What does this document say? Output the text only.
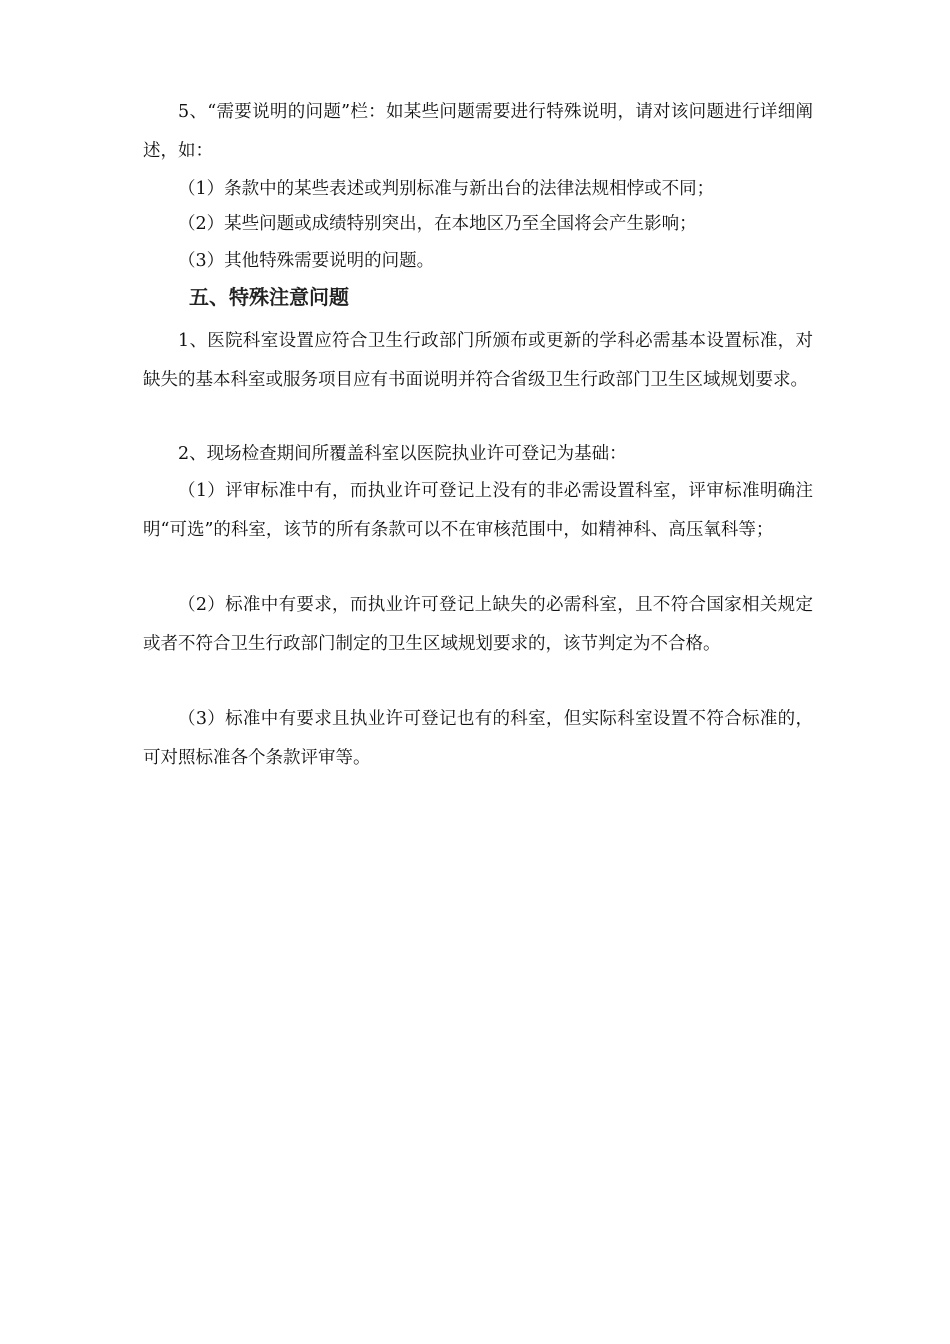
5、“需要说明的问题”栏：如某些问题需要进行特殊说明，请对该问题进行详细阐述，如：

（1）条款中的某些表述或判别标准与新出台的法律法规相悖或不同；

（2）某些问题或成绩特别突出，在本地区乃至全国将会产生影响；

（3）其他特殊需要说明的问题。

五、特殊注意问题

1、医院科室设置应符合卫生行政部门所颁布或更新的学科必需基本设置标准，对缺失的基本科室或服务项目应有书面说明并符合省级卫生行政部门卫生区域规划要求。

2、现场检查期间所覆盖科室以医院执业许可登记为基础：

（1）评审标准中有，而执业许可登记上没有的非必需设置科室，评审标准明确注明“可选”的科室，该节的所有条款可以不在审核范围中，如精神科、高压氧科等；

（2）标准中有要求，而执业许可登记上缺失的必需科室，且不符合国家相关规定或者不符合卫生行政部门制定的卫生区域规划要求的，该节判定为不合格。

（3）标准中有要求且执业许可登记也有的科室，但实际科室设置不符合标准的，可对照标准各个条款评审等。
